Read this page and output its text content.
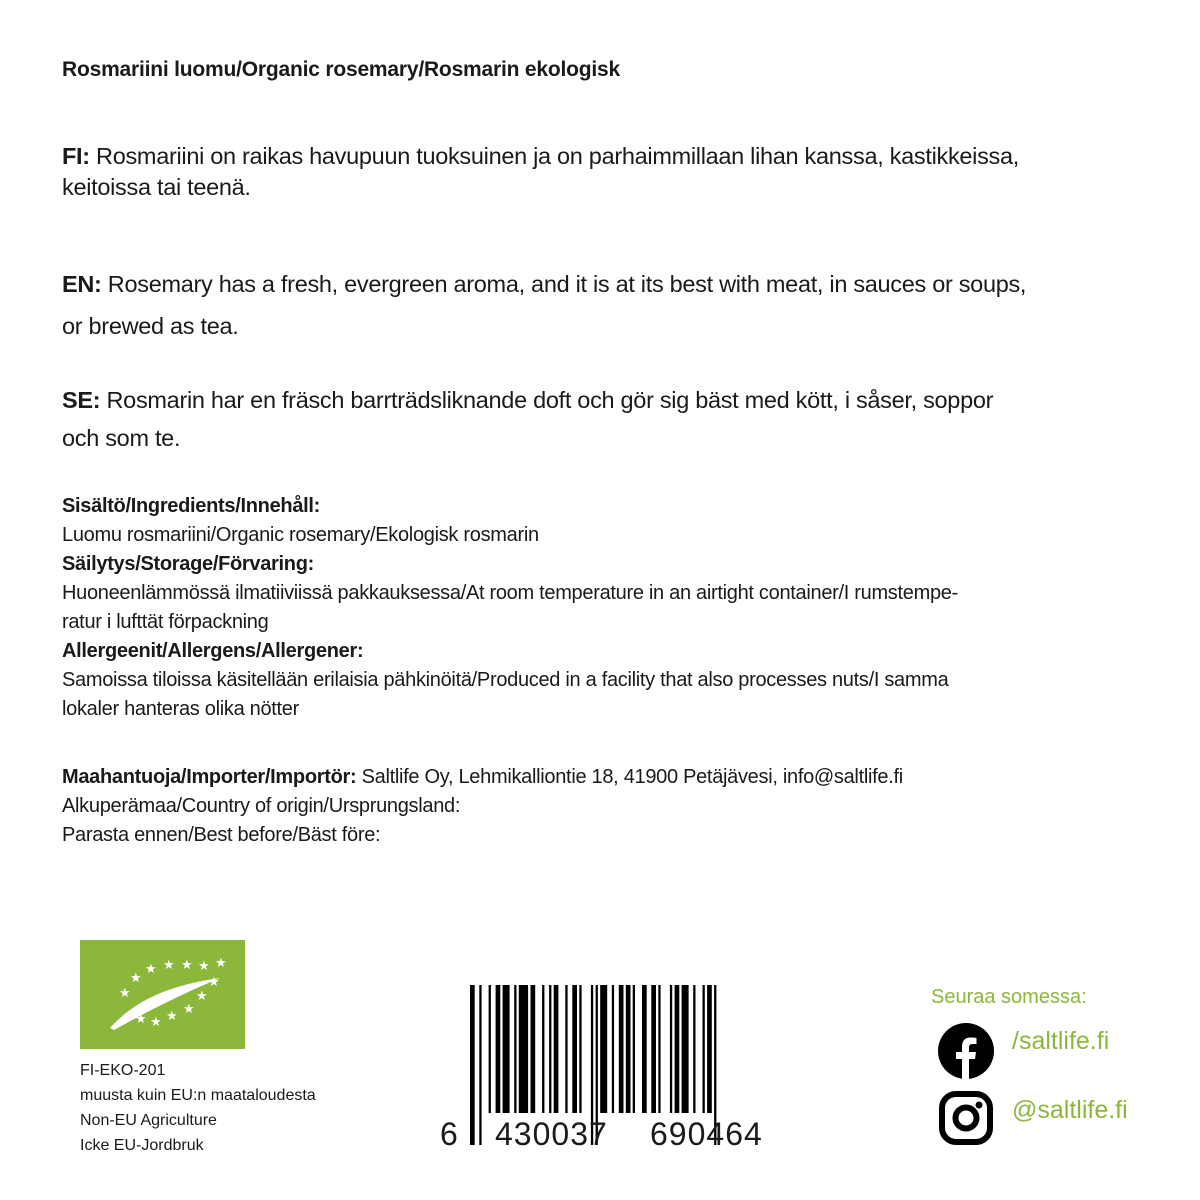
Rosmariini luomu/Organic rosemary/Rosmarin ekologisk
FI: Rosmariini on raikas havupuun tuoksuinen ja on parhaimmillaan lihan kanssa, kastikkeissa,
keitoissa tai teenä.
EN: Rosemary has a fresh, evergreen aroma, and it is at its best with meat, in sauces or soups,
or brewed as tea.
SE: Rosmarin har en fräsch barrträdsliknande doft och gör sig bäst med kött, i såser, soppor
och som te.
Sisältö/Ingredients/Innehåll:
Luomu rosmariini/Organic rosemary/Ekologisk rosmarin
Säilytys/Storage/Förvaring:
Huoneenlämmössä ilmatiiviissä pakkauksessa/At room temperature in an airtight container/I rumstempe-
ratur i lufttät förpackning
Allergeenit/Allergens/Allergener:
Samoissa tiloissa käsitellään erilaisia pähkinöitä/Produced in a facility that also processes nuts/I samma
lokaler hanteras olika nötter
Maahantuoja/Importer/Importör: Saltlife Oy, Lehmikalliontie 18, 41900 Petäjävesi, info@saltlife.fi
Alkuperämaa/Country of origin/Ursprungsland:
Parasta ennen/Best before/Bäst före:
★ ★ ★ ★ ★
★
★
★ ★ ★ ★
★
★
FI-EKO-201
muusta kuin EU:n maataloudesta
Non-EU Agriculture
Icke EU-Jordbruk	6 430037 690464
Seuraa somessa:
/saltlife.fi
@saltlife.fi
